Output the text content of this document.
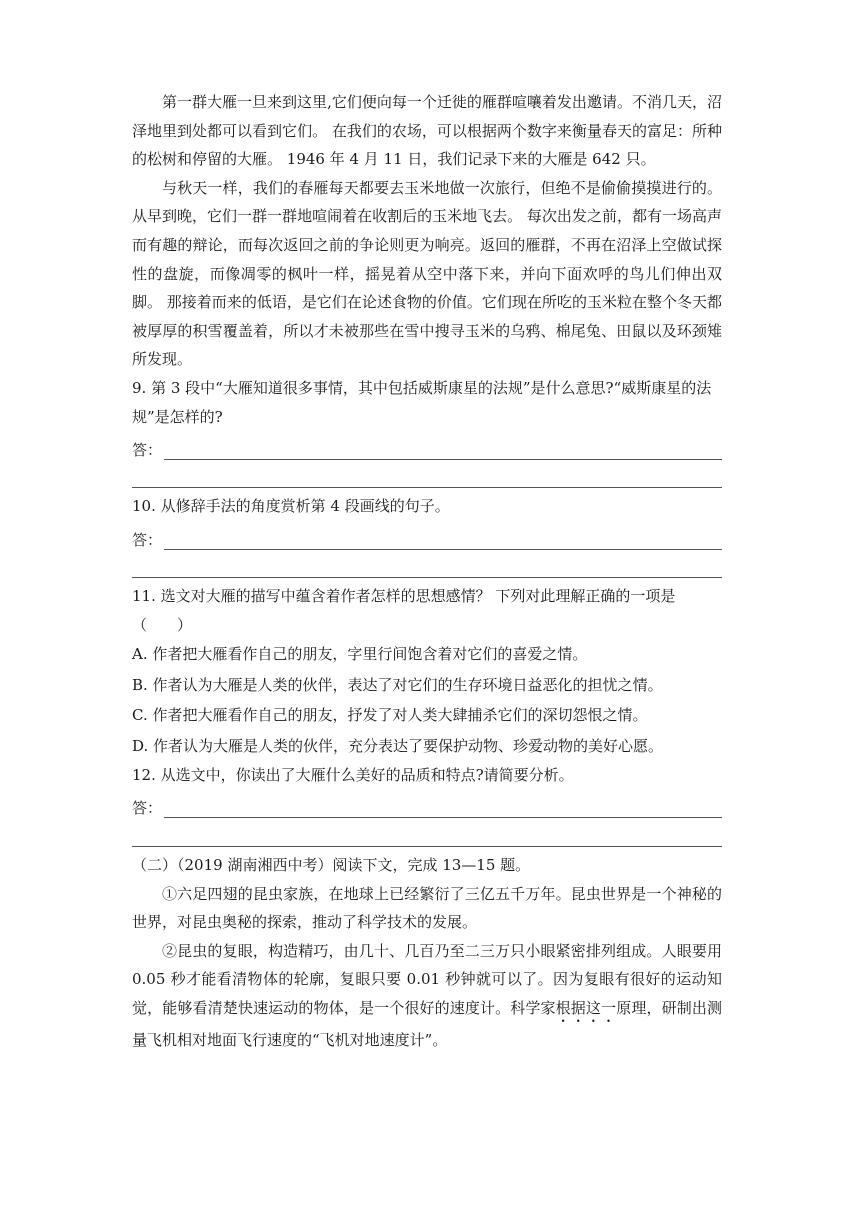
第一群大雁一旦来到这里,它们便向每一个迁徙的雁群喧嚷着发出邀请。不消几天，沼泽地里到处都可以看到它们。 在我们的农场，可以根据两个数字来衡量春天的富足：所种的松树和停留的大雁。 1946 年 4 月 11 日，我们记录下来的大雁是 642 只。

与秋天一样，我们的春雁每天都要去玉米地做一次旅行，但绝不是偷偷摸摸进行的。 从早到晚，它们一群一群地喧闹着在收割后的玉米地飞去。 每次出发之前，都有一场高声而有趣的辩论，而每次返回之前的争论则更为响亮。返回的雁群，不再在沼泽上空做试探性的盘旋，而像凋零的枫叶一样，摇晃着从空中落下来，并向下面欢呼的鸟儿们伸出双脚。 那接着而来的低语，是它们在论述食物的价值。它们现在所吃的玉米粒在整个冬天都被厚厚的积雪覆盖着，所以才未被那些在雪中搜寻玉米的乌鸦、棉尾兔、田鼠以及环颈雉所发现。

9. 第 3 段中“大雁知道很多事情，其中包括威斯康星的法规”是什么意思?“威斯康星的法规”是怎样的?

答：

10. 从修辞手法的角度赏析第 4 段画线的句子。

答：

11. 选文对大雁的描写中蕴含着作者怎样的思想感情？ 下列对此理解正确的一项是（　　）

A. 作者把大雁看作自己的朋友，字里行间饱含着对它们的喜爱之情。

B. 作者认为大雁是人类的伙伴，表达了对它们的生存环境日益恶化的担忧之情。

C. 作者把大雁看作自己的朋友，抒发了对人类大肆捕杀它们的深切怨恨之情。

D. 作者认为大雁是人类的伙伴，充分表达了要保护动物、珍爱动物的美好心愿。

12. 从选文中，你读出了大雁什么美好的品质和特点?请简要分析。

答：

（二）（2019 湖南湘西中考）阅读下文，完成 13—15 题。

①六足四翅的昆虫家族，在地球上已经繁衍了三亿五千万年。昆虫世界是一个神秘的世界，对昆虫奥秘的探索，推动了科学技术的发展。

②昆虫的复眼，构造精巧，由几十、几百乃至二三万只小眼紧密排列组成。人眼要用 0.05 秒才能看清物体的轮廓，复眼只要 0.01 秒钟就可以了。因为复眼有很好的运动知觉，能够看清楚快速运动的物体，是一个很好的速度计。科学家根据这一原理，研制出测量飞机相对地面飞行速度的“飞机对地速度计”。
